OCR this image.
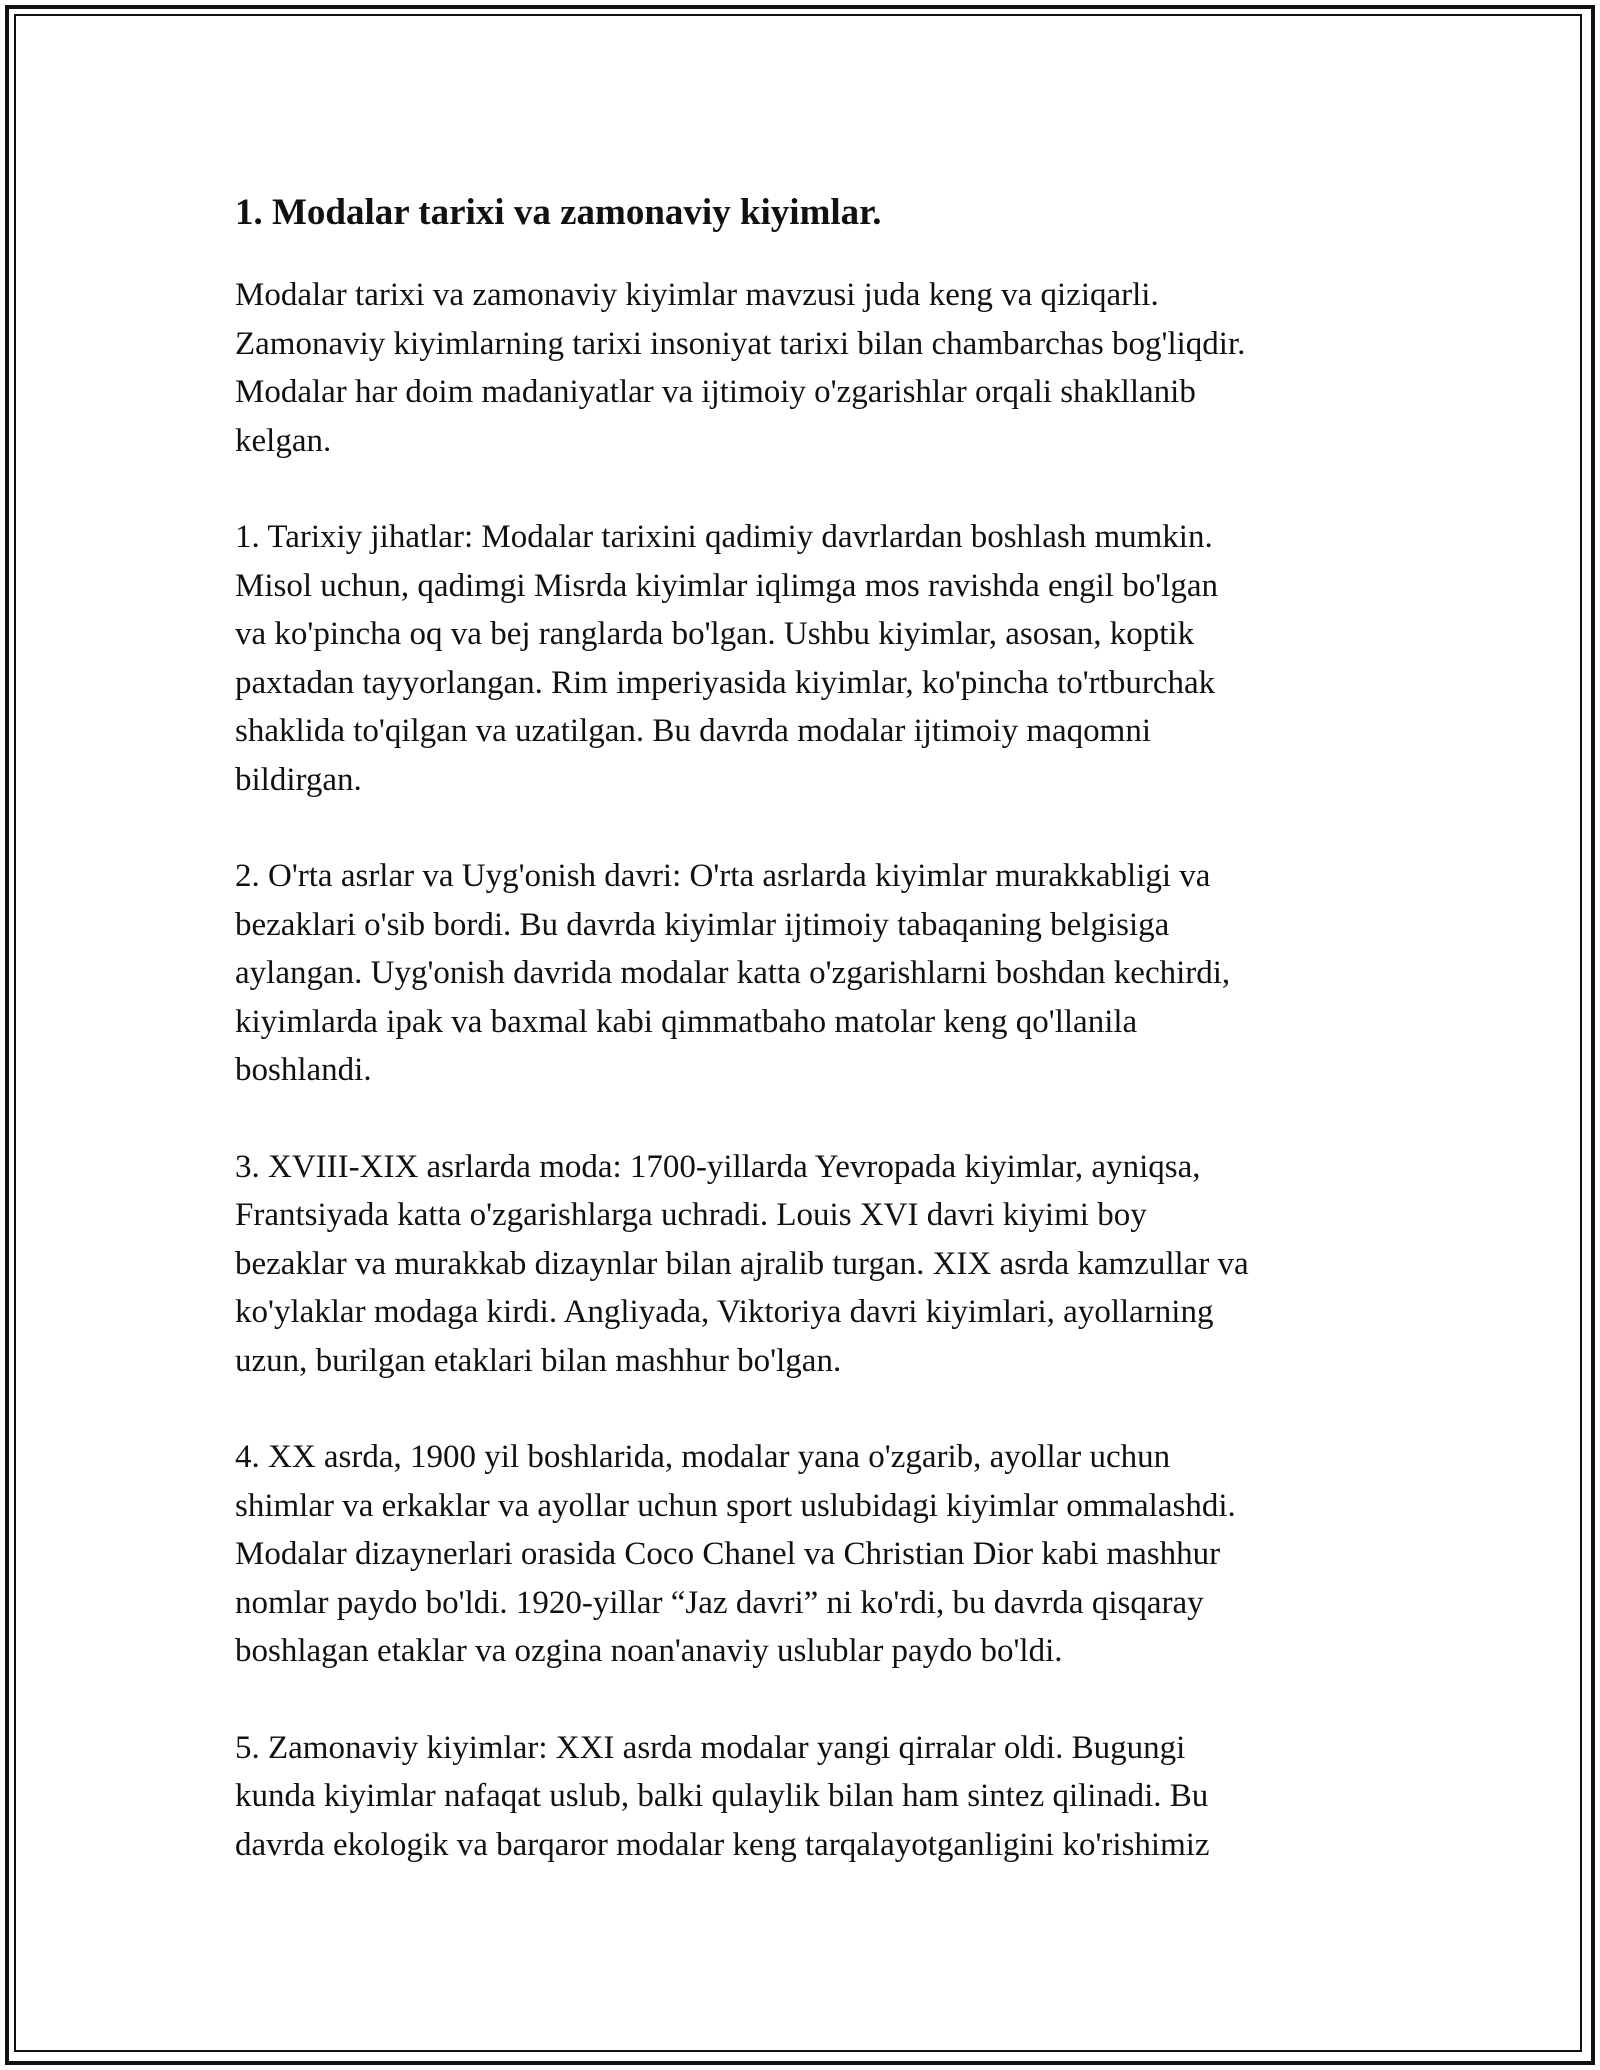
1. Modalar tarixi va zamonaviy kiyimlar.

Modalar tarixi va zamonaviy kiyimlar mavzusi juda keng va qiziqarli.
Zamonaviy kiyimlarning tarixi insoniyat tarixi bilan chambarchas bog'liqdir.
Modalar har doim madaniyatlar va ijtimoiy o'zgarishlar orqali shakllanib
kelgan.

1. Tarixiy jihatlar: Modalar tarixini qadimiy davrlardan boshlash mumkin.
Misol uchun, qadimgi Misrda kiyimlar iqlimga mos ravishda engil bo'lgan
va ko'pincha oq va bej ranglarda bo'lgan. Ushbu kiyimlar, asosan, koptik
paxtadan tayyorlangan. Rim imperiyasida kiyimlar, ko'pincha to'rtburchak
shaklida to'qilgan va uzatilgan. Bu davrda modalar ijtimoiy maqomni
bildirgan.

2. O'rta asrlar va Uyg'onish davri: O'rta asrlarda kiyimlar murakkabligi va
bezaklari o'sib bordi. Bu davrda kiyimlar ijtimoiy tabaqaning belgisiga
aylangan. Uyg'onish davrida modalar katta o'zgarishlarni boshdan kechirdi,
kiyimlarda ipak va baxmal kabi qimmatbaho matolar keng qo'llanila
boshlandi.

3. XVIII-XIX asrlarda moda: 1700-yillarda Yevropada kiyimlar, ayniqsa,
Frantsiyada katta o'zgarishlarga uchradi. Louis XVI davri kiyimi boy
bezaklar va murakkab dizaynlar bilan ajralib turgan. XIX asrda kamzullar va
ko'ylaklar modaga kirdi. Angliyada, Viktoriya davri kiyimlari, ayollarning
uzun, burilgan etaklari bilan mashhur bo'lgan.

4. XX asrda, 1900 yil boshlarida, modalar yana o'zgarib, ayollar uchun
shimlar va erkaklar va ayollar uchun sport uslubidagi kiyimlar ommalashdi.
Modalar dizaynerlari orasida Coco Chanel va Christian Dior kabi mashhur
nomlar paydo bo'ldi. 1920-yillar “Jaz davri” ni ko'rdi, bu davrda qisqaray
boshlagan etaklar va ozgina noan'anaviy uslublar paydo bo'ldi.

5. Zamonaviy kiyimlar: XXI asrda modalar yangi qirralar oldi. Bugungi
kunda kiyimlar nafaqat uslub, balki qulaylik bilan ham sintez qilinadi. Bu
davrda ekologik va barqaror modalar keng tarqalayotganligini ko'rishimiz
